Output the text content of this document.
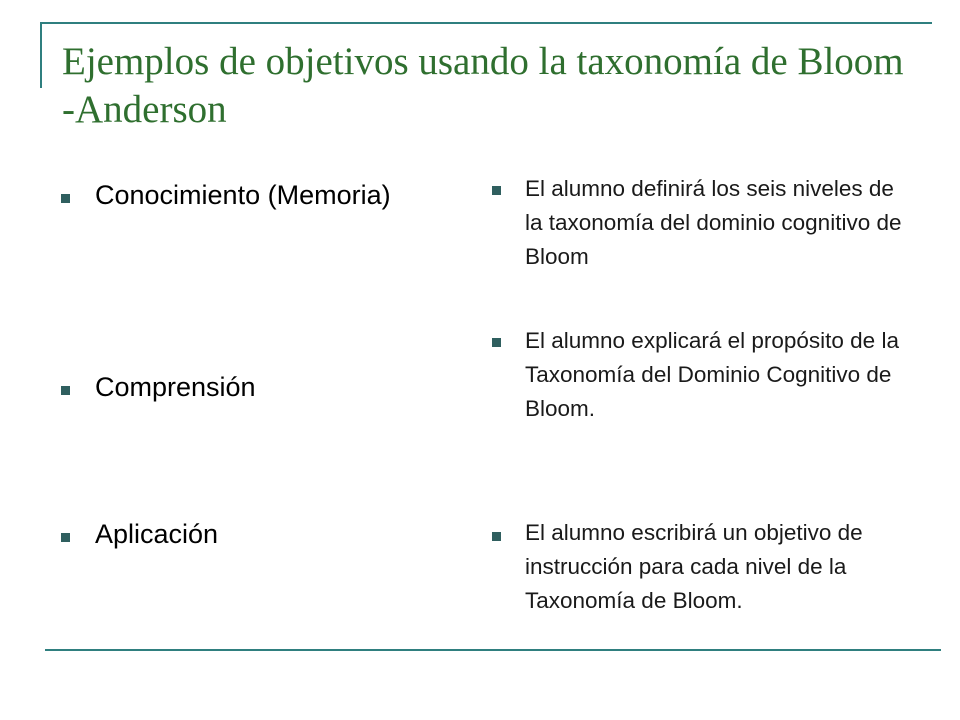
Ejemplos de objetivos usando la taxonomía de Bloom -Anderson

Conocimiento (Memoria)

Comprensión

Aplicación

El alumno definirá los seis niveles de la taxonomía del dominio cognitivo de Bloom

El alumno explicará el propósito de la Taxonomía del Dominio Cognitivo de Bloom.

El alumno escribirá un objetivo de instrucción para cada nivel de la Taxonomía de Bloom.
